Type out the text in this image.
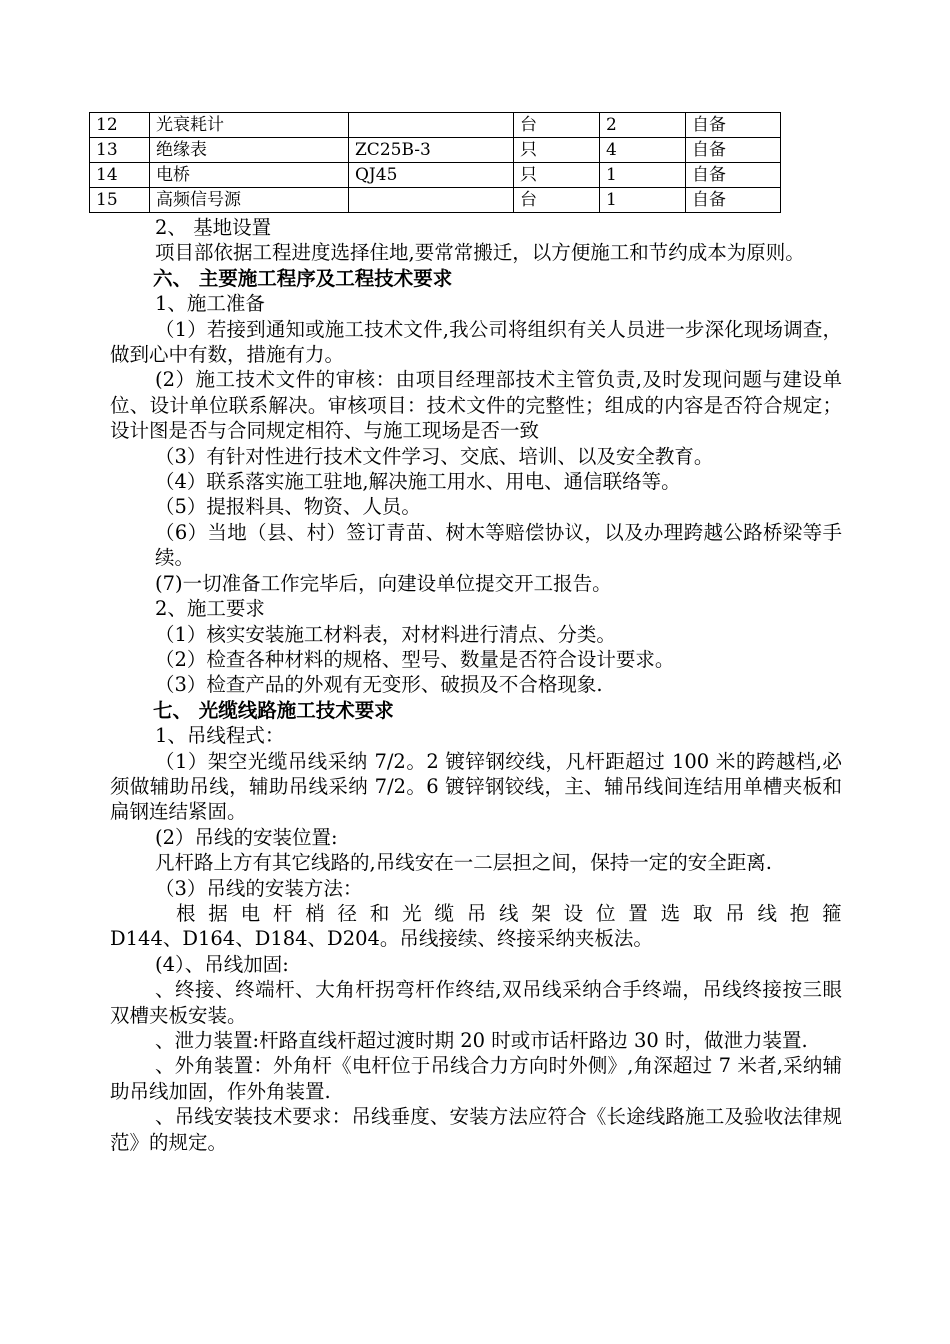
12	光衰耗计		台	2	自备
13	绝缘表	ZC25B-3	只	4	自备
14	电桥	QJ45	只	1	自备
15	高频信号源		台	1	自备

2、 基地设置

项目部依据工程进度选择住地,要常常搬迁，以方便施工和节约成本为原则。

六、 主要施工程序及工程技术要求

1、施工准备

（1）若接到通知或施工技术文件,我公司将组织有关人员进一步深化现场调查，做到心中有数，措施有力。

(2）施工技术文件的审核：由项目经理部技术主管负责,及时发现问题与建设单位、设计单位联系解决。审核项目：技术文件的完整性；组成的内容是否符合规定；设计图是否与合同规定相符、与施工现场是否一致

（3）有针对性进行技术文件学习、交底、培训、以及安全教育。

（4）联系落实施工驻地,解决施工用水、用电、通信联络等。

（5）提报料具、物资、人员。

（6）当地（县、村）签订青苗、树木等赔偿协议，以及办理跨越公路桥梁等手续。

(7)一切准备工作完毕后，向建设单位提交开工报告。

2、施工要求

（1）核实安装施工材料表，对材料进行清点、分类。

（2）检查各种材料的规格、型号、数量是否符合设计要求。

（3）检查产品的外观有无变形、破损及不合格现象.

七、 光缆线路施工技术要求

1、吊线程式：

（1）架空光缆吊线采纳 7/2。2 镀锌钢绞线，凡杆距超过 100 米的跨越档,必须做辅助吊线，辅助吊线采纳 7/2。6 镀锌钢铰线，主、辅吊线间连结用单槽夹板和扁钢连结紧固。

(2）吊线的安装位置:

凡杆路上方有其它线路的,吊线安在一二层担之间，保持一定的安全距离.

（3）吊线的安装方法：

根据电杆梢径和光缆吊线架设位置选取吊线抱箍

D144、D164、D184、D204。吊线接续、终接采纳夹板法。

(4）、吊线加固:

、终接、终端杆、大角杆拐弯杆作终结,双吊线采纳合手终端，吊线终接按三眼双槽夹板安装。

、泄力装置:杆路直线杆超过渡时期 20 时或市话杆路边 30 时，做泄力装置.

、外角装置：外角杆《电杆位于吊线合力方向时外侧》,角深超过 7 米者,采纳辅助吊线加固，作外角装置.

、吊线安装技术要求：吊线垂度、安装方法应符合《长途线路施工及验收法律规范》的规定。
